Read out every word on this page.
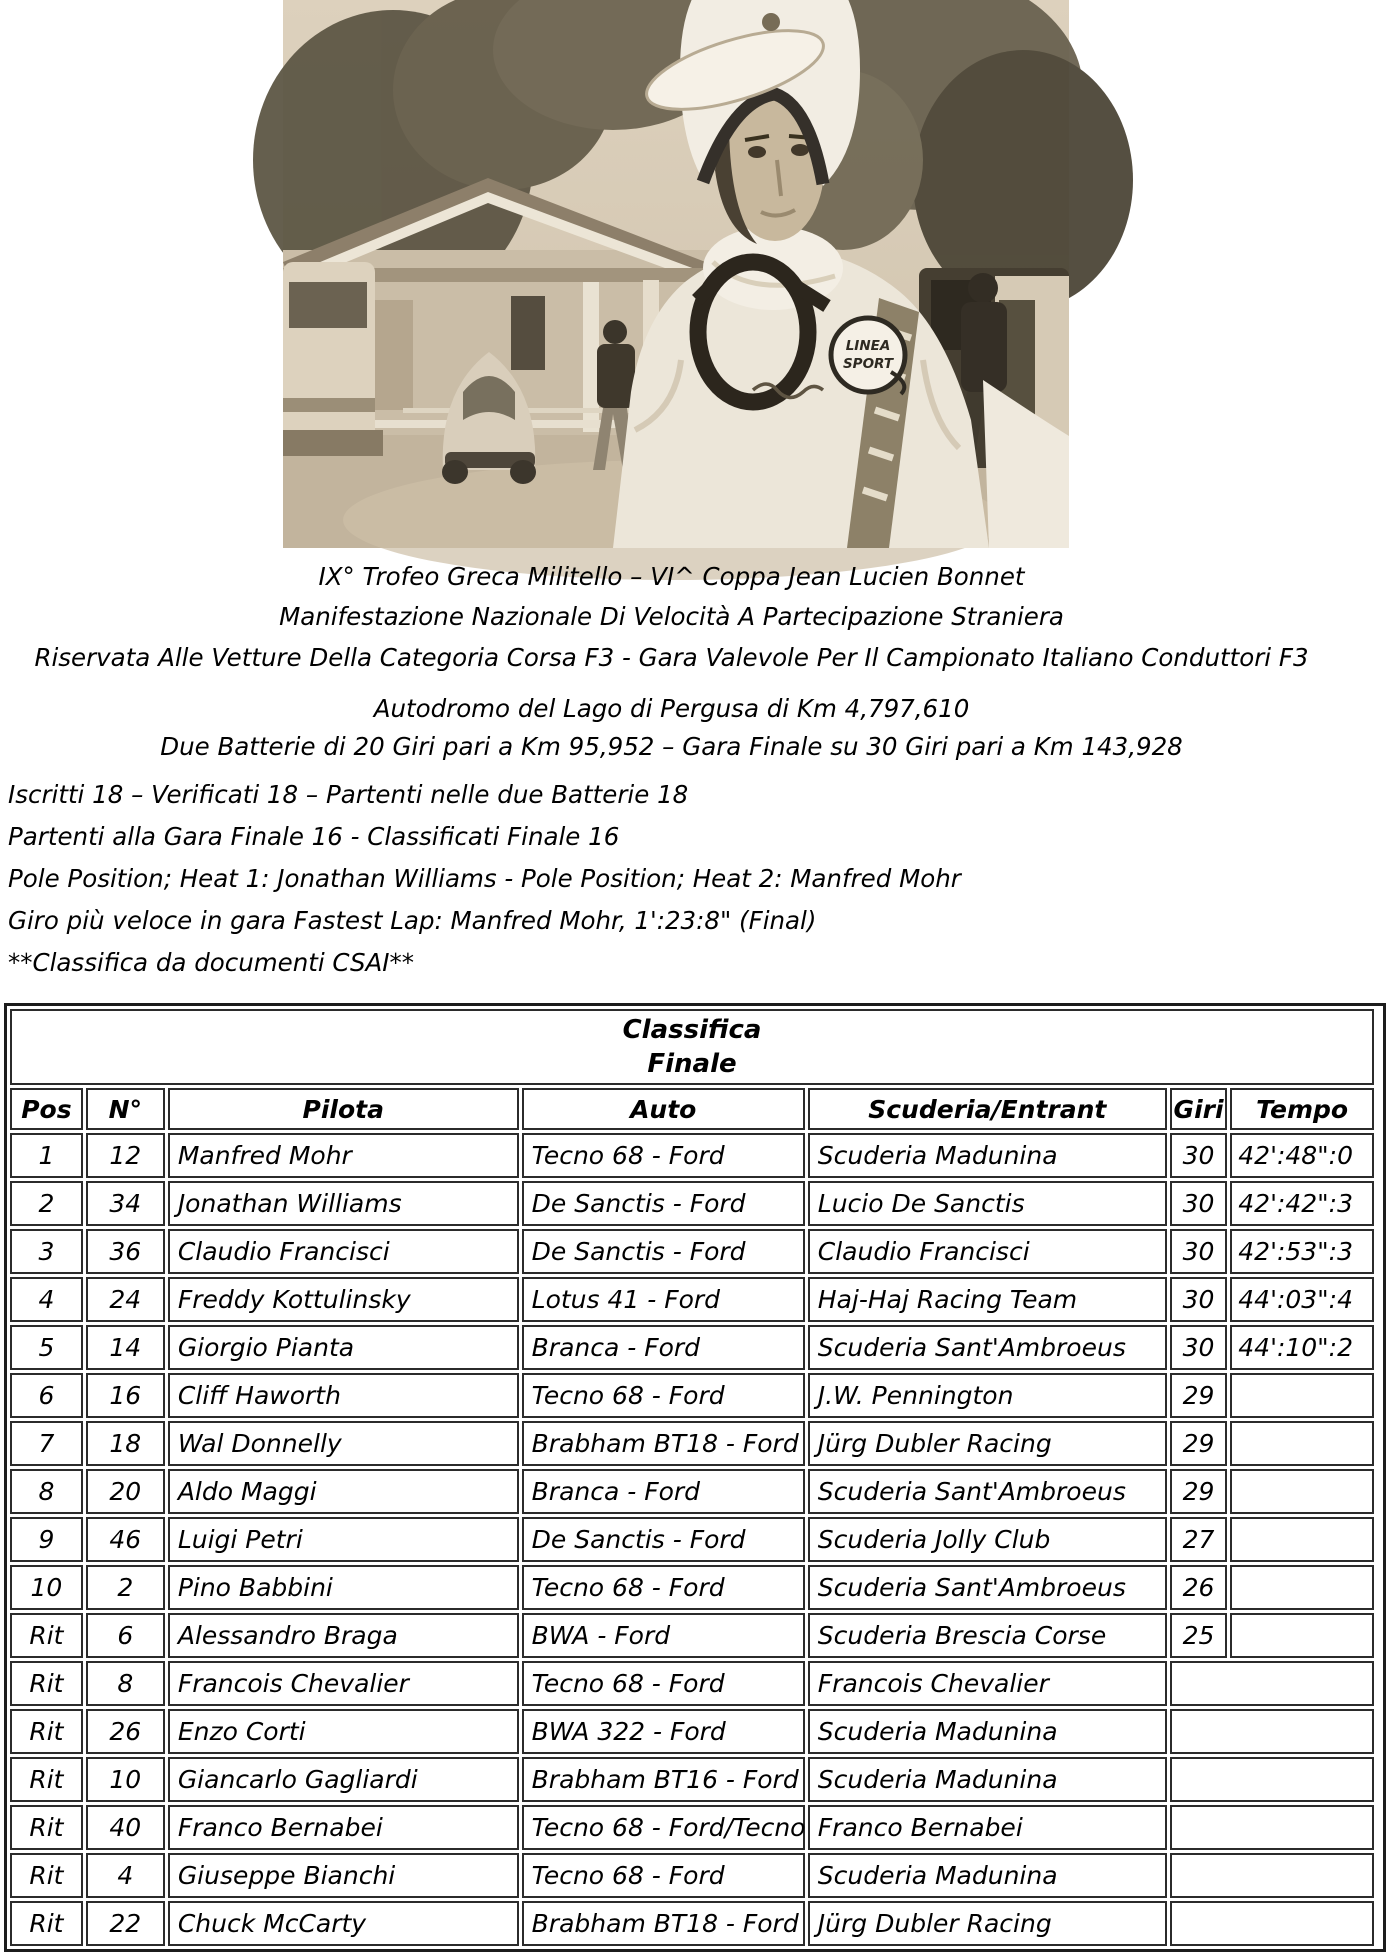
LINEA
SPORT
IX° Trofeo Greca Militello – VI^ Coppa Jean Lucien Bonnet
Manifestazione Nazionale Di Velocità A Partecipazione Straniera
Riservata Alle Vetture Della Categoria Corsa F3 - Gara Valevole Per Il Campionato Italiano Conduttori F3
Autodromo del Lago di Pergusa di Km 4,797,610
Due Batterie di 20 Giri pari a Km 95,952 – Gara Finale su 30 Giri pari a Km 143,928
Iscritti 18 – Verificati 18 – Partenti nelle due Batterie 18
Partenti alla Gara Finale 16 - Classificati Finale 16
Pole Position; Heat 1: Jonathan Williams - Pole Position; Heat 2: Manfred Mohr
Giro più veloce in gara Fastest Lap: Manfred Mohr, 1':23:8" (Final)
**Classifica da documenti CSAI**
Classifica
Finale						

Pos	N°	Pilota	Auto	Scuderia/Entrant	Giri	Tempo
1	12	Manfred Mohr	Tecno 68 - Ford	Scuderia Madunina	30	42':48":0
2	34	Jonathan Williams	De Sanctis - Ford	Lucio De Sanctis	30	42':42":3
3	36	Claudio Francisci	De Sanctis - Ford	Claudio Francisci	30	42':53":3
4	24	Freddy Kottulinsky	Lotus 41 - Ford	Haj-Haj Racing Team	30	44':03":4
5	14	Giorgio Pianta	Branca - Ford	Scuderia Sant'Ambroeus	30	44':10":2
6	16	Cliff Haworth	Tecno 68 - Ford	J.W. Pennington	29	
7	18	Wal Donnelly	Brabham BT18 - Ford	Jürg Dubler Racing	29	
8	20	Aldo Maggi	Branca - Ford	Scuderia Sant'Ambroeus	29	
9	46	Luigi Petri	De Sanctis - Ford	Scuderia Jolly Club	27	
10	2	Pino Babbini	Tecno 68 - Ford	Scuderia Sant'Ambroeus	26	
Rit	6	Alessandro Braga	BWA - Ford	Scuderia Brescia Corse	25	
Rit	8	Francois Chevalier	Tecno 68 - Ford	Francois Chevalier		
Rit	26	Enzo Corti	BWA 322 - Ford	Scuderia Madunina		
Rit	10	Giancarlo Gagliardi	Brabham BT16 - Ford	Scuderia Madunina		
Rit	40	Franco Bernabei	Tecno 68 - Ford/Tecno	Franco Bernabei		
Rit	4	Giuseppe Bianchi	Tecno 68 - Ford	Scuderia Madunina		
Rit	22	Chuck McCarty	Brabham BT18 - Ford	Jürg Dubler Racing		
